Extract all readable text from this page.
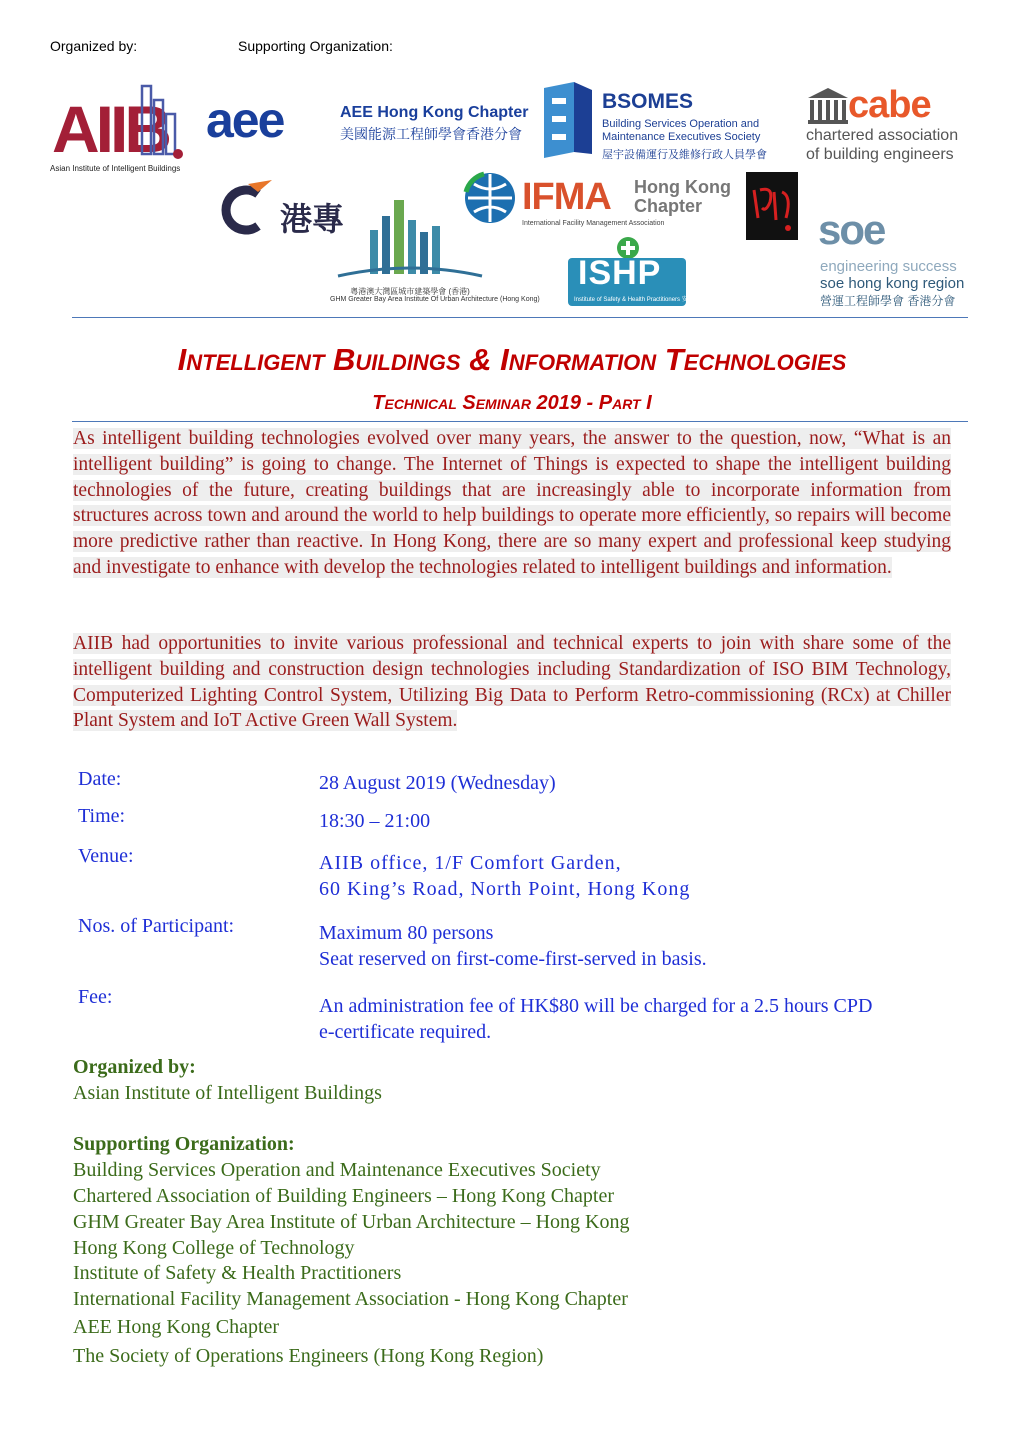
Organized by:	Supporting Organization:
AIIB
Asian Institute of Intelligent Buildings
aee	AEE Hong Kong Chapter
美國能源工程師學會香港分會
BSOMES
Building Services Operation and
Maintenance Executives Society
屋宇設備運行及維修行政人員學會
cabe
chartered association
of building engineers
港專
粵港澳大灣區城市建築學會 (香港)
GHM Greater Bay Area Institute Of Urban Architecture (Hong Kong)
IFMA Hong Kong Chapter
International Facility Management Association
ISHP
Institute of Safety & Health Practitioners 安全健康師學會
soe
engineering success
soe hong kong region
營運工程師學會 香港分會
Intelligent Buildings & Information Technologies
Technical Seminar 2019 - Part I
As intelligent building technologies evolved over many years, the answer to the question, now, “What is an intelligent building” is going to change. The Internet of Things is expected to shape the intelligent building technologies of the future, creating buildings that are increasingly able to incorporate information from structures across town and around the world to help buildings to operate more efficiently, so repairs will become more predictive rather than reactive. In Hong Kong, there are so many expert and professional keep studying and investigate to enhance with develop the technologies related to intelligent buildings and information.
AIIB had opportunities to invite various professional and technical experts to join with share some of the intelligent building and construction design technologies including Standardization of ISO BIM Technology, Computerized Lighting Control System, Utilizing Big Data to Perform Retro-commissioning (RCx) at Chiller Plant System and IoT Active Green Wall System.
Date:	28 August 2019 (Wednesday)
Time:	18:30 – 21:00
Venue:	AIIB office, 1/F Comfort Garden,
60 King’s Road, North Point, Hong Kong
Nos. of Participant:	Maximum 80 persons
Seat reserved on first-come-first-served in basis.
Fee:	An administration fee of HK$80 will be charged for a 2.5 hours CPD
e-certificate required.
Organized by:
Asian Institute of Intelligent Buildings
Supporting Organization:
Building Services Operation and Maintenance Executives Society
Chartered Association of Building Engineers – Hong Kong Chapter
GHM Greater Bay Area Institute of Urban Architecture – Hong Kong
Hong Kong College of Technology
Institute of Safety & Health Practitioners
International Facility Management Association - Hong Kong Chapter
AEE Hong Kong Chapter
The Society of Operations Engineers (Hong Kong Region)
